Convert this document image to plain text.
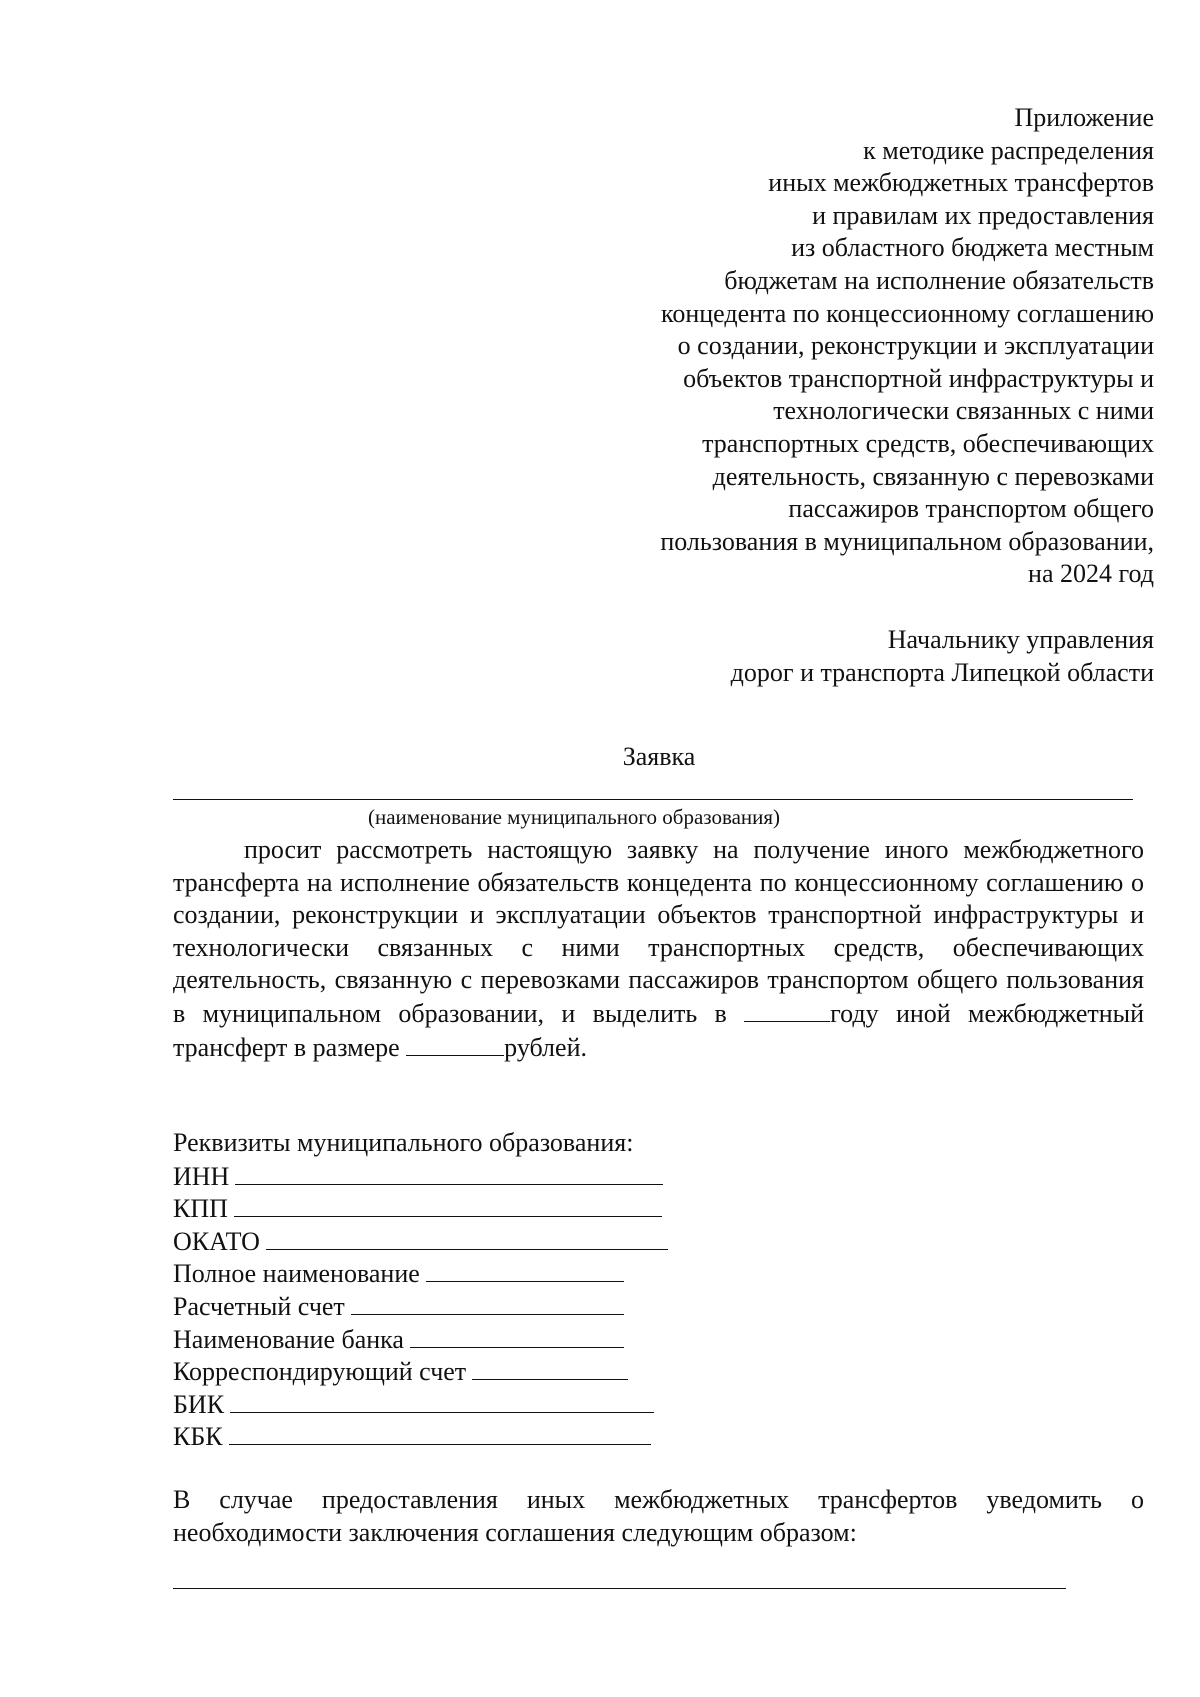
Приложение
к методике распределения
иных межбюджетных трансфертов
и правилам их предоставления
из областного бюджета местным
бюджетам на исполнение обязательств
концедента по концессионному соглашению
о создании, реконструкции и эксплуатации
объектов транспортной инфраструктуры и
технологически связанных с ними
транспортных средств, обеспечивающих
деятельность, связанную с перевозками
пассажиров транспортом общего
пользования в муниципальном образовании,
на 2024 год
Начальнику управления
дорог и транспорта Липецкой области
Заявка
(наименование муниципального образования)
просит рассмотреть настоящую заявку на получение иного межбюджетного трансферта на исполнение обязательств концедента по концессионному соглашению о создании, реконструкции и эксплуатации объектов транспортной инфраструктуры и технологически связанных с ними транспортных средств, обеспечивающих деятельность, связанную с перевозками пассажиров транспортом общего пользования в муниципальном образовании, и выделить в	году иной межбюджетный трансферт в размере	рублей.
Реквизиты муниципального образования:
ИНН
КПП
ОКАТО
Полное наименование
Расчетный счет
Наименование банка
Корреспондирующий счет
БИК
КБК
В случае предоставления иных межбюджетных трансфертов уведомить о необходимости заключения соглашения следующим образом:
